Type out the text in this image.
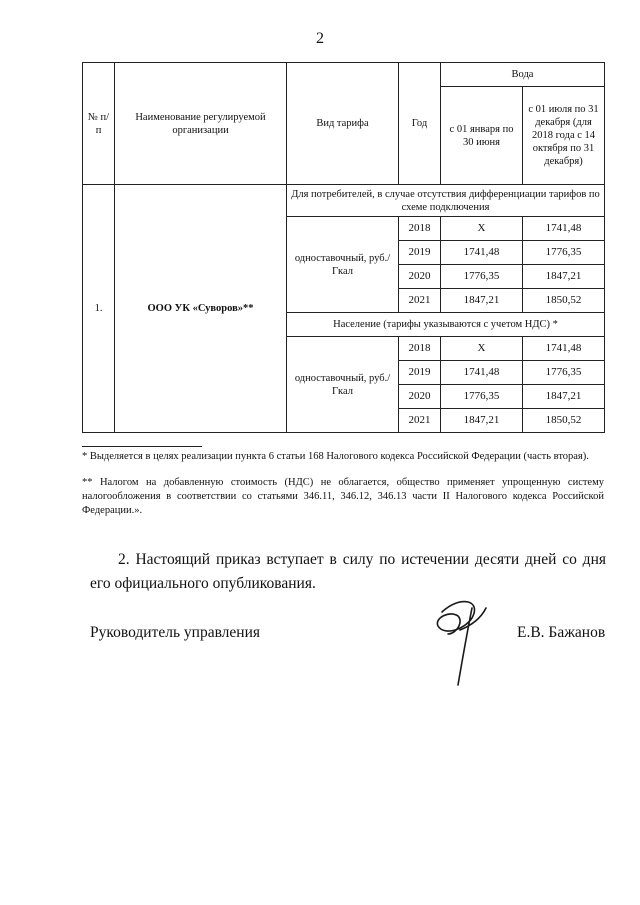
2
№ п/п	Наименование регулируемой организации	Вид тарифа	Год	Вода	
				с 01 января по 30 июня	с 01 июля по 31 декабря (для 2018 года с 14 октября по 31 декабря)
1.	ООО УК «Суворов»**	Для потребителей, в случае отсутствия дифференциации тарифов по схеме подключения			
		одноставочный, руб./Гкал	2018	X	1741,48
			2019	1741,48	1776,35
			2020	1776,35	1847,21
			2021	1847,21	1850,52
		Население (тарифы указываются с учетом НДС) *			
		одноставочный, руб./Гкал	2018	X	1741,48
			2019	1741,48	1776,35
			2020	1776,35	1847,21
			2021	1847,21	1850,52
* Выделяется в целях реализации пункта 6 статьи 168 Налогового кодекса Российской Федерации (часть вторая).
** Налогом на добавленную стоимость (НДС) не облагается, общество применяет упрощенную систему налогообложения в соответствии со статьями 346.11, 346.12, 346.13 части II Налогового кодекса Российской Федерации.».
2. Настоящий приказ вступает в силу по истечении десяти дней со дня его официального опубликования.
Руководитель управления	Е.В. Бажанов
